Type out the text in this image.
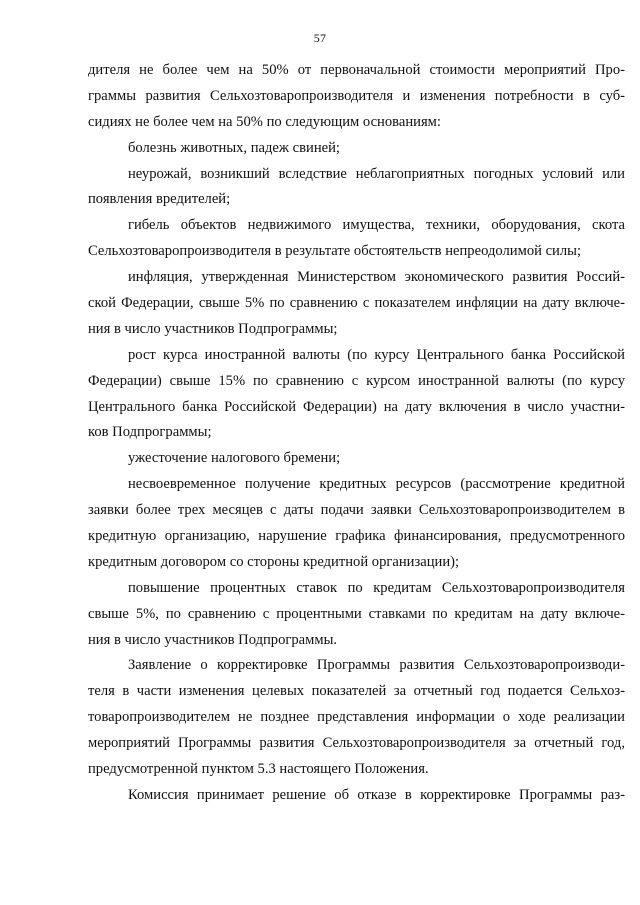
57
дителя не более чем на 50% от первоначальной стоимости мероприятий Про-
граммы развития Сельхозтоваропроизводителя и изменения потребности в суб-
сидиях не более чем на 50% по следующим основаниям:
болезнь животных, падеж свиней;
неурожай, возникший вследствие неблагоприятных погодных условий или
появления вредителей;
гибель объектов недвижимого имущества, техники, оборудования, скота
Сельхозтоваропроизводителя в результате обстоятельств непреодолимой силы;
инфляция, утвержденная Министерством экономического развития Россий-
ской Федерации, свыше 5% по сравнению с показателем инфляции на дату включе-
ния в число участников Подпрограммы;
рост курса иностранной валюты (по курсу Центрального банка Российской
Федерации) свыше 15% по сравнению с курсом иностранной валюты (по курсу
Центрального банка Российской Федерации) на дату включения в число участни-
ков Подпрограммы;
ужесточение налогового бремени;
несвоевременное получение кредитных ресурсов (рассмотрение кредитной
заявки более трех месяцев с даты подачи заявки Сельхозтоваропроизводителем в
кредитную организацию, нарушение графика финансирования, предусмотренного
кредитным договором со стороны кредитной организации);
повышение процентных ставок по кредитам Сельхозтоваропроизводителя
свыше 5%, по сравнению с процентными ставками по кредитам на дату включе-
ния в число участников Подпрограммы.
Заявление о корректировке Программы развития Сельхозтоваропроизводи-
теля в части изменения целевых показателей за отчетный год подается Сельхоз-
товаропроизводителем не позднее представления информации о ходе реализации
мероприятий Программы развития Сельхозтоваропроизводителя за отчетный год,
предусмотренной пунктом 5.3 настоящего Положения.
Комиссия принимает решение об отказе в корректировке Программы раз-
